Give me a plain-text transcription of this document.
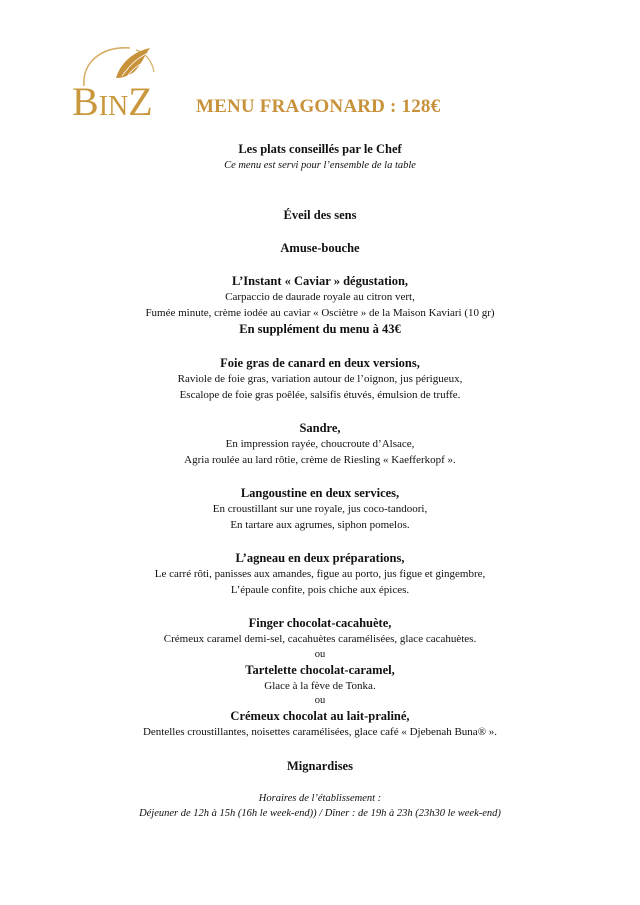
BINZ	MENU FRAGONARD : 128€
Les plats conseillés par le Chef
Ce menu est servi pour l’ensemble de la table
Éveil des sens
Amuse-bouche
L’Instant « Caviar » dégustation,
Carpaccio de daurade royale au citron vert,
Fumée minute, crème iodée au caviar « Osciètre » de la Maison Kaviari (10 gr)
En supplément du menu à 43€
Foie gras de canard en deux versions,
Raviole de foie gras, variation autour de l’oignon, jus périgueux,
Escalope de foie gras poêlée, salsifis étuvés, émulsion de truffe.
Sandre,
En impression rayée, choucroute d’Alsace,
Agria roulée au lard rôtie, crème de Riesling « Kaefferkopf ».
Langoustine en deux services,
En croustillant sur une royale, jus coco-tandoori,
En tartare aux agrumes, siphon pomelos.
L’agneau en deux préparations,
Le carré rôti, panisses aux amandes, figue au porto, jus figue et gingembre,
L’épaule confite, pois chiche aux épices.
Finger chocolat-cacahuète,
Crémeux caramel demi-sel, cacahuètes caramélisées, glace cacahuètes.
ou
Tartelette chocolat-caramel,
Glace à la fève de Tonka.
ou
Crémeux chocolat au lait-praliné,
Dentelles croustillantes, noisettes caramélisées, glace café « Djebenah Buna® ».
Mignardises
Horaires de l’établissement :
Déjeuner de 12h à 15h (16h le week-end)) / Dîner : de 19h à 23h (23h30 le week-end)
